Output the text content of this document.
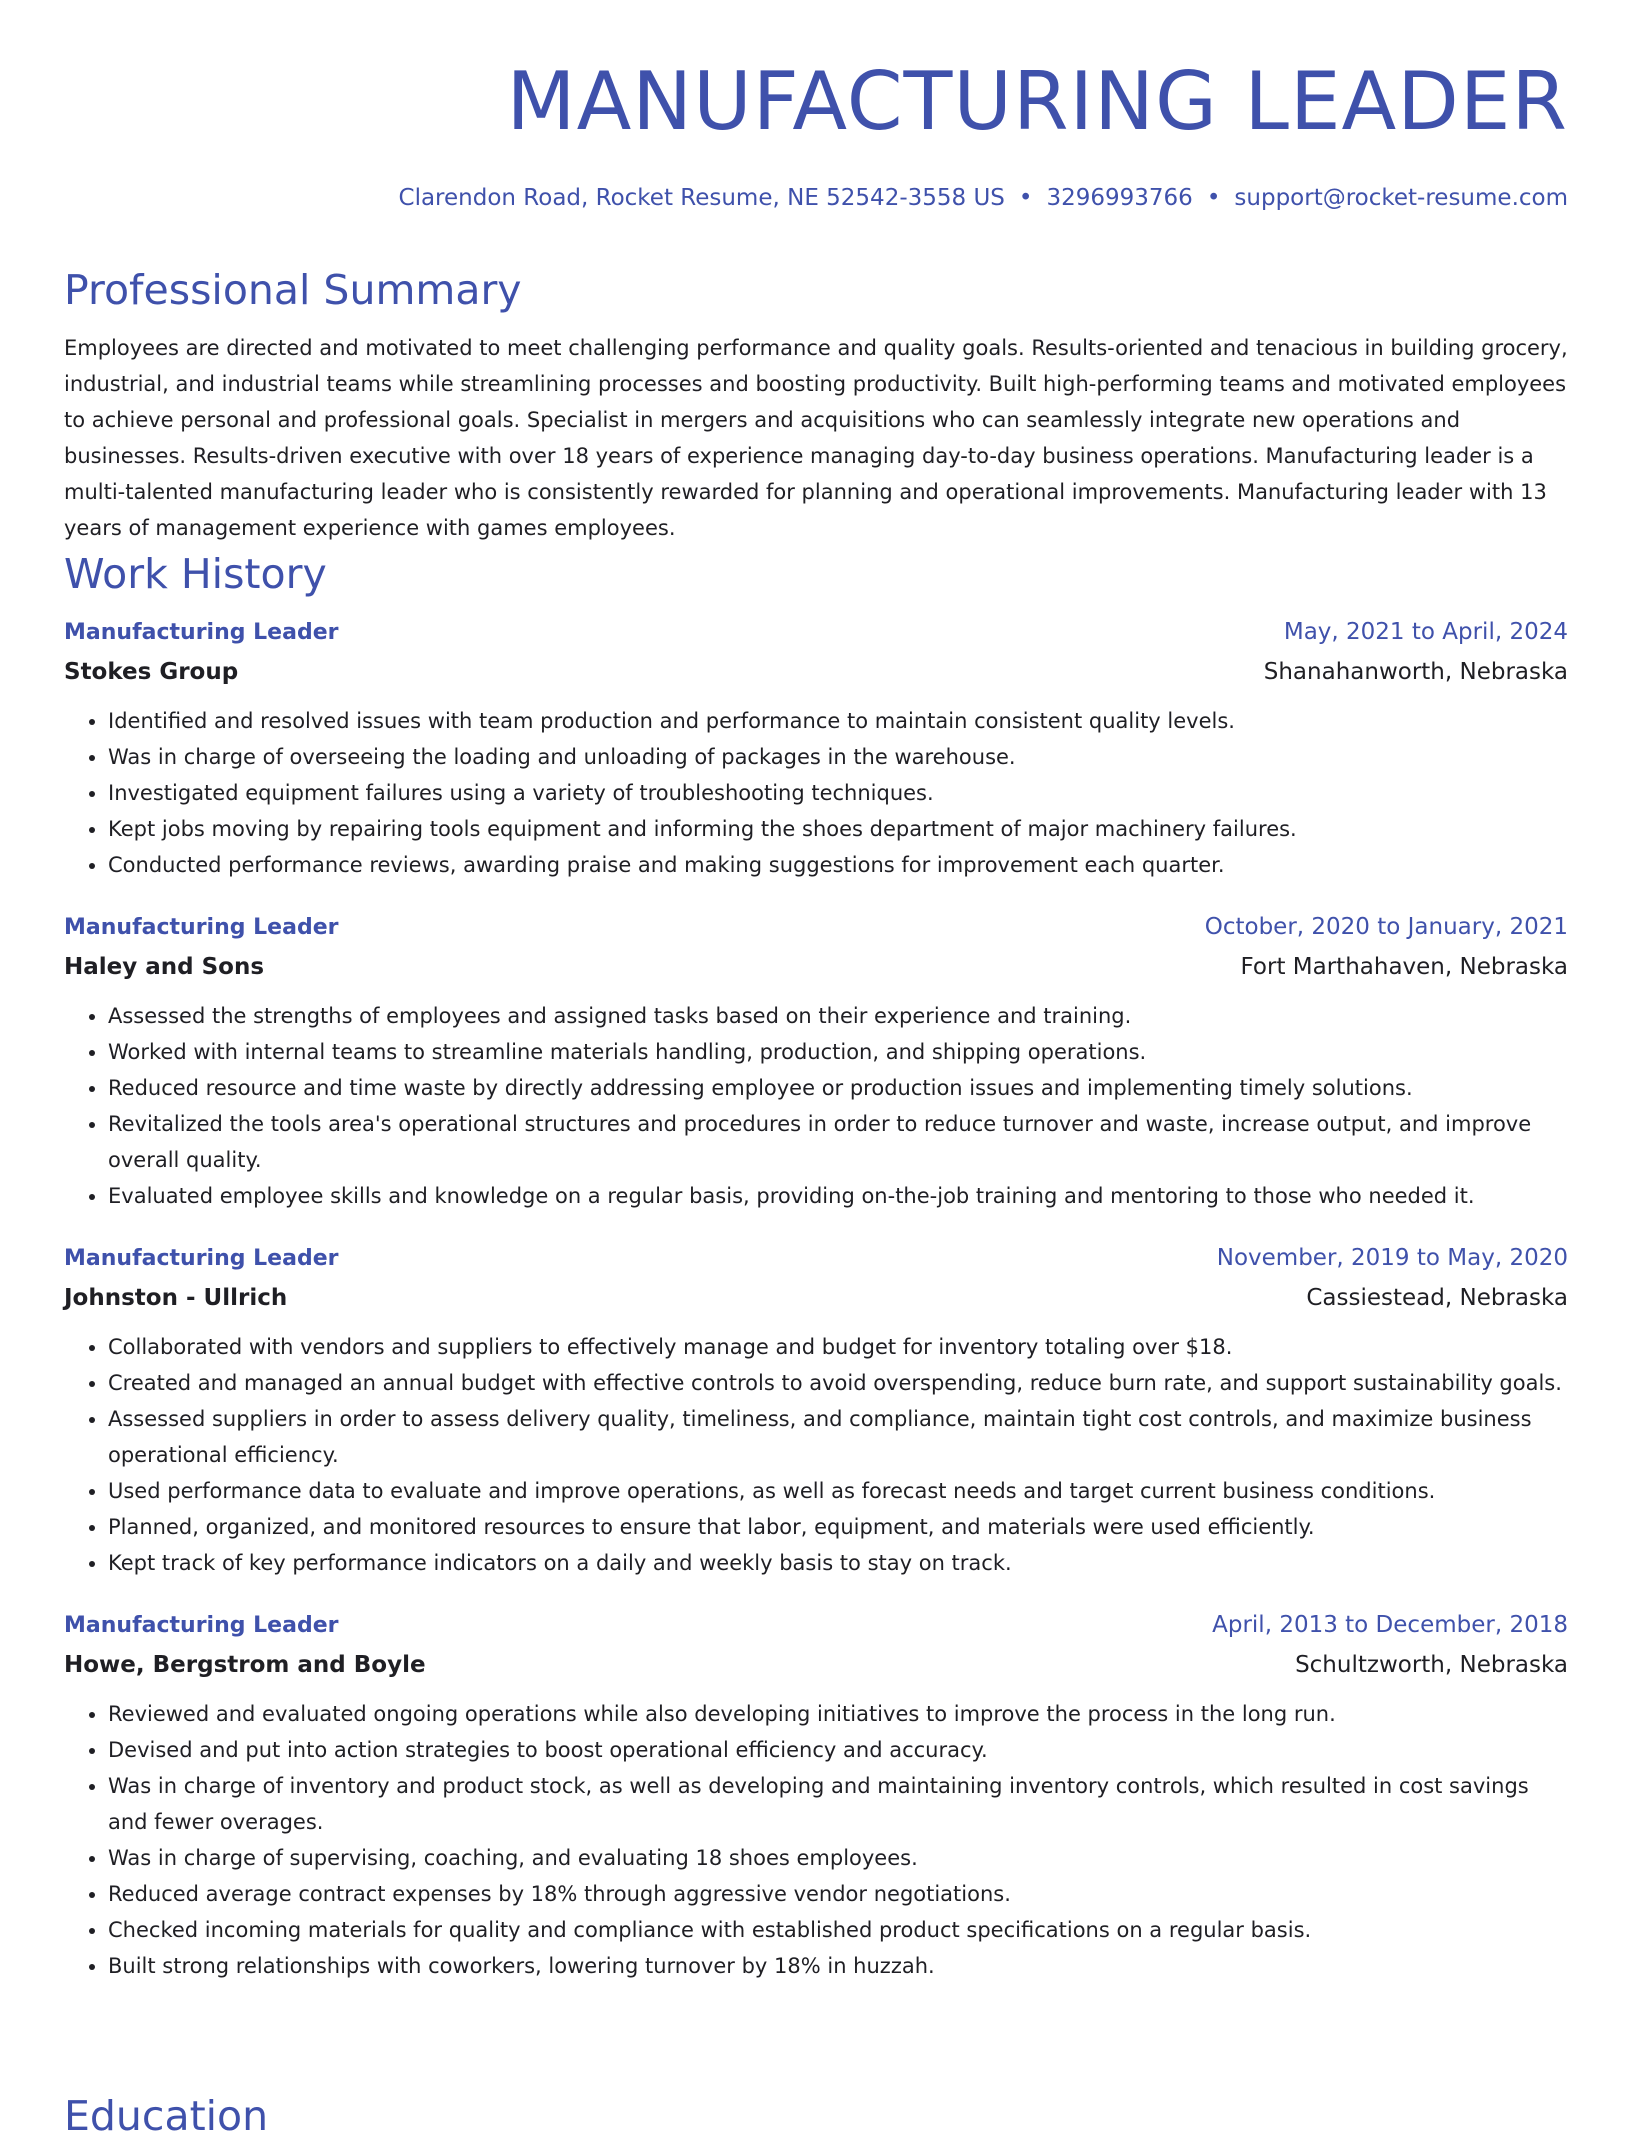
MANUFACTURING LEADER
Clarendon Road, Rocket Resume, NE 52542-3558 US • 3296993766 • support@rocket-resume.com
Professional Summary

Employees are directed and motivated to meet challenging performance and quality goals. Results-oriented and tenacious in building grocery, industrial, and industrial teams while streamlining processes and boosting productivity. Built high-performing teams and motivated employees to achieve personal and professional goals. Specialist in mergers and acquisitions who can seamlessly integrate new operations and businesses. Results-driven executive with over 18 years of experience managing day-to-day business operations. Manufacturing leader is a multi-talented manufacturing leader who is consistently rewarded for planning and operational improvements. Manufacturing leader with 13 years of management experience with games employees.

Work History
Manufacturing Leader	May, 2021 to April, 2024
Stokes Group	Shanahanworth, Nebraska
• Identified and resolved issues with team production and performance to maintain consistent quality levels.
• Was in charge of overseeing the loading and unloading of packages in the warehouse.
• Investigated equipment failures using a variety of troubleshooting techniques.
• Kept jobs moving by repairing tools equipment and informing the shoes department of major machinery failures.
• Conducted performance reviews, awarding praise and making suggestions for improvement each quarter.
Manufacturing Leader	October, 2020 to January, 2021
Haley and Sons	Fort Marthahaven, Nebraska
• Assessed the strengths of employees and assigned tasks based on their experience and training.
• Worked with internal teams to streamline materials handling, production, and shipping operations.
• Reduced resource and time waste by directly addressing employee or production issues and implementing timely solutions.
• Revitalized the tools area's operational structures and procedures in order to reduce turnover and waste, increase output, and improve overall quality.
• Evaluated employee skills and knowledge on a regular basis, providing on-the-job training and mentoring to those who needed it.
Manufacturing Leader	November, 2019 to May, 2020
Johnston - Ullrich	Cassiestead, Nebraska
• Collaborated with vendors and suppliers to effectively manage and budget for inventory totaling over $18.
• Created and managed an annual budget with effective controls to avoid overspending, reduce burn rate, and support sustainability goals.
• Assessed suppliers in order to assess delivery quality, timeliness, and compliance, maintain tight cost controls, and maximize business operational efficiency.
• Used performance data to evaluate and improve operations, as well as forecast needs and target current business conditions.
• Planned, organized, and monitored resources to ensure that labor, equipment, and materials were used efficiently.
• Kept track of key performance indicators on a daily and weekly basis to stay on track.
Manufacturing Leader	April, 2013 to December, 2018
Howe, Bergstrom and Boyle	Schultzworth, Nebraska
• Reviewed and evaluated ongoing operations while also developing initiatives to improve the process in the long run.
• Devised and put into action strategies to boost operational efficiency and accuracy.
• Was in charge of inventory and product stock, as well as developing and maintaining inventory controls, which resulted in cost savings and fewer overages.
• Was in charge of supervising, coaching, and evaluating 18 shoes employees.
• Reduced average contract expenses by 18% through aggressive vendor negotiations.
• Checked incoming materials for quality and compliance with established product specifications on a regular basis.
• Built strong relationships with coworkers, lowering turnover by 18% in huzzah.
Education
